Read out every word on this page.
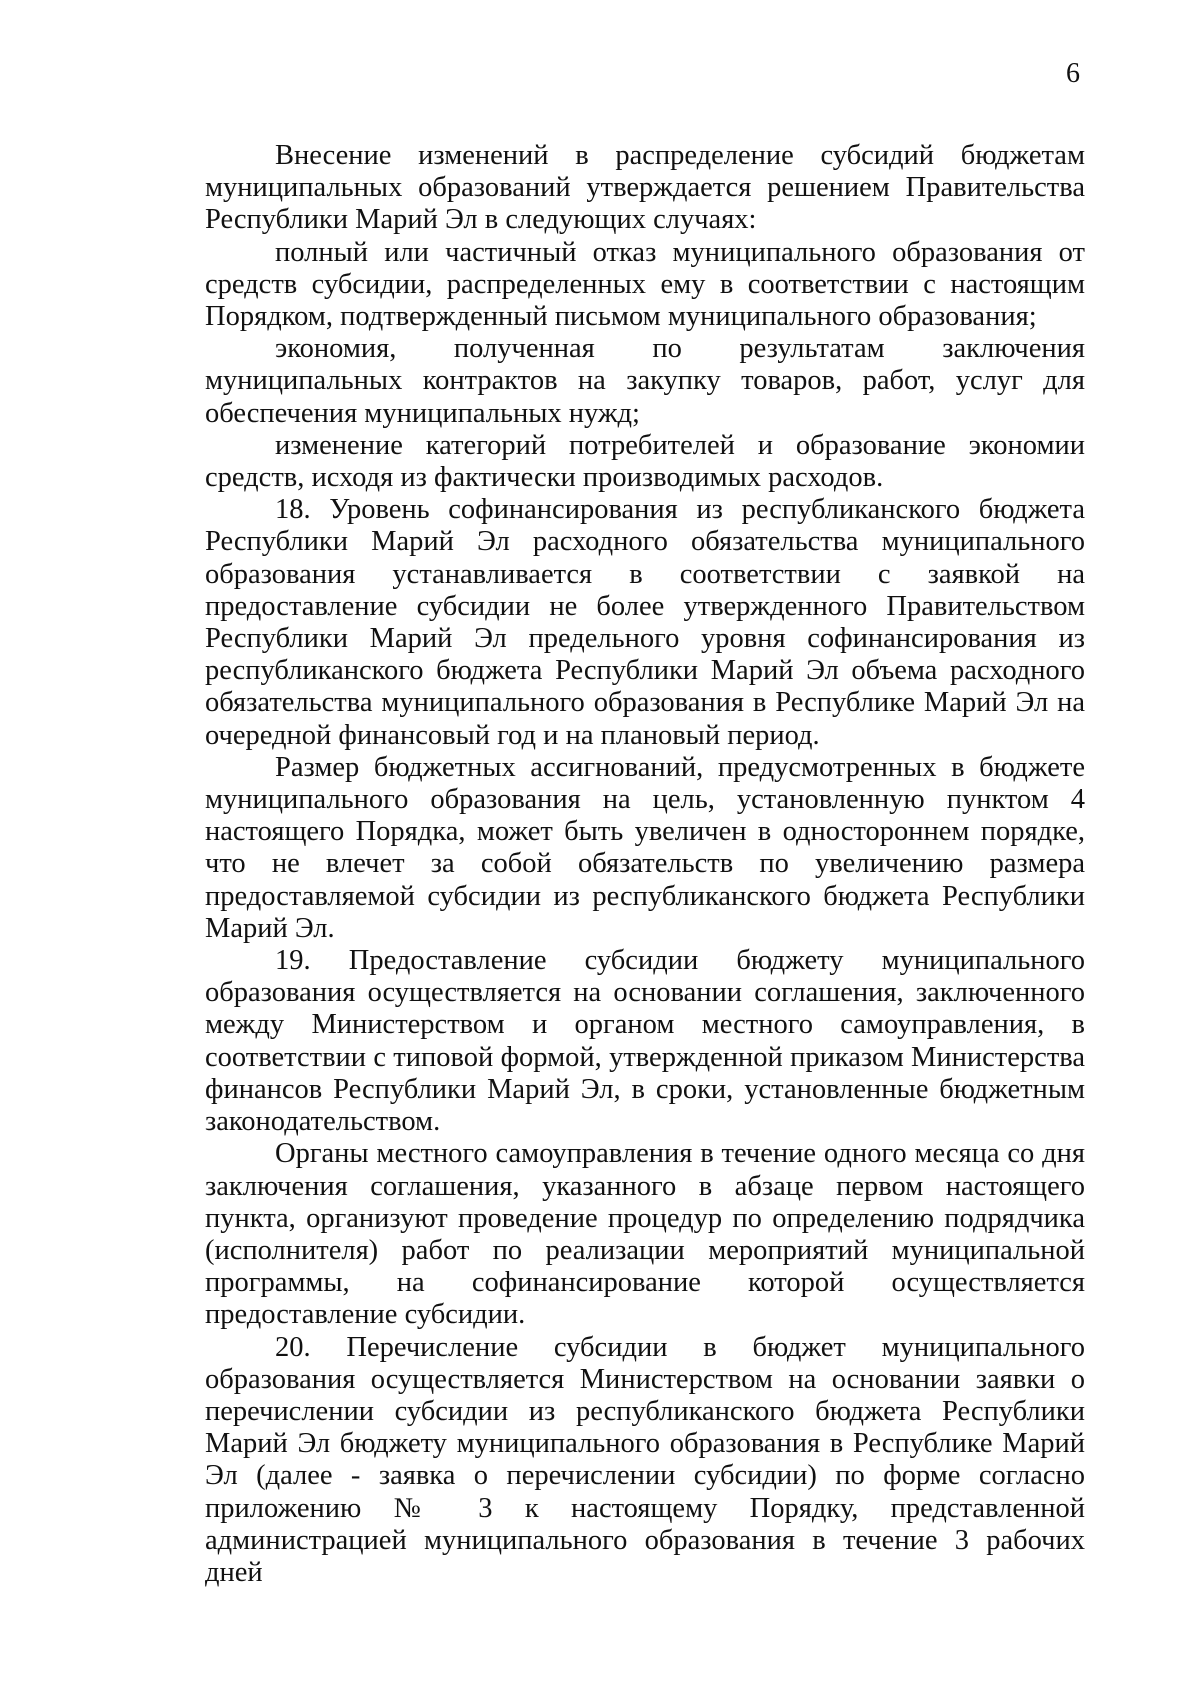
6

Внесение изменений в распределение субсидий бюджетам муниципальных образований утверждается решением Правительства Республики Марий Эл в следующих случаях:

полный или частичный отказ муниципального образования от средств субсидии, распределенных ему в соответствии с настоящим Порядком, подтвержденный письмом муниципального образования;

экономия, полученная по результатам заключения муниципальных контрактов на закупку товаров, работ, услуг для обеспечения муниципальных нужд;

изменение категорий потребителей и образование экономии средств, исходя из фактически производимых расходов.

18. Уровень софинансирования из республиканского бюджета Республики Марий Эл расходного обязательства муниципального образования устанавливается в соответствии с заявкой на предоставление субсидии не более утвержденного Правительством Республики Марий Эл предельного уровня софинансирования из республиканского бюджета Республики Марий Эл объема расходного обязательства муниципального образования в Республике Марий Эл на очередной финансовый год и на плановый период.

Размер бюджетных ассигнований, предусмотренных в бюджете муниципального образования на цель, установленную пунктом 4 настоящего Порядка, может быть увеличен в одностороннем порядке, что не влечет за собой обязательств по увеличению размера предоставляемой субсидии из республиканского бюджета Республики Марий Эл.

19. Предоставление субсидии бюджету муниципального образования осуществляется на основании соглашения, заключенного между Министерством и органом местного самоуправления, в соответствии с типовой формой, утвержденной приказом Министерства финансов Республики Марий Эл, в сроки, установленные бюджетным законодательством.

Органы местного самоуправления в течение одного месяца со дня заключения соглашения, указанного в абзаце первом настоящего пункта, организуют проведение процедур по определению подрядчика (исполнителя) работ по реализации мероприятий муниципальной программы, на софинансирование которой осуществляется предоставление субсидии.

20. Перечисление субсидии в бюджет муниципального образования осуществляется Министерством на основании заявки о перечислении субсидии из республиканского бюджета Республики Марий Эл бюджету муниципального образования в Республике Марий Эл (далее - заявка о перечислении субсидии) по форме согласно приложению № 3 к настоящему Порядку, представленной администрацией муниципального образования в течение 3 рабочих дней
